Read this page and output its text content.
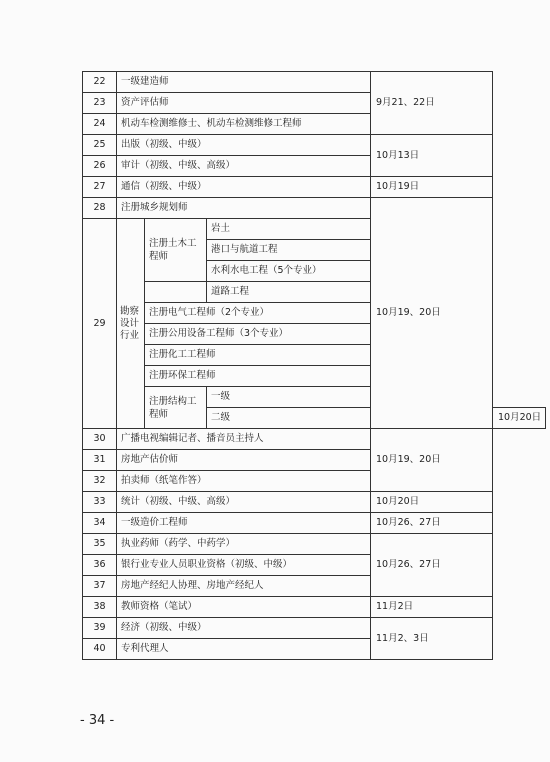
22	一级建造师			9月21、22日	
23	资产评估师				
24	机动车检测维修士、机动车检测维修工程师				
25	出版（初级、中级）			10月13日	
26	审计（初级、中级、高级）				
27	通信（初级、中级）			10月19日	
28	注册城乡规划师			10月19、20日	
29	勘察设计行业	注册土木工程师	岩土		
			港口与航道工程		
			水利水电工程（5个专业）		
			道路工程		
		注册电气工程师（2个专业）			
		注册公用设备工程师（3个专业）			
		注册化工工程师			
		注册环保工程师			
		注册结构工程师	一级		
			二级		10月20日

30	广播电视编辑记者、播音员主持人			10月19、20日	
31	房地产估价师				
32	拍卖师（纸笔作答）				
33	统计（初级、中级、高级）			10月20日	
34	一级造价工程师			10月26、27日	
35	执业药师（药学、中药学）			10月26、27日	
36	银行业专业人员职业资格（初级、中级）				
37	房地产经纪人协理、房地产经纪人				
38	教师资格（笔试）			11月2日	
39	经济（初级、中级）			11月2、3日	
40	专利代理人				
- 34 -
